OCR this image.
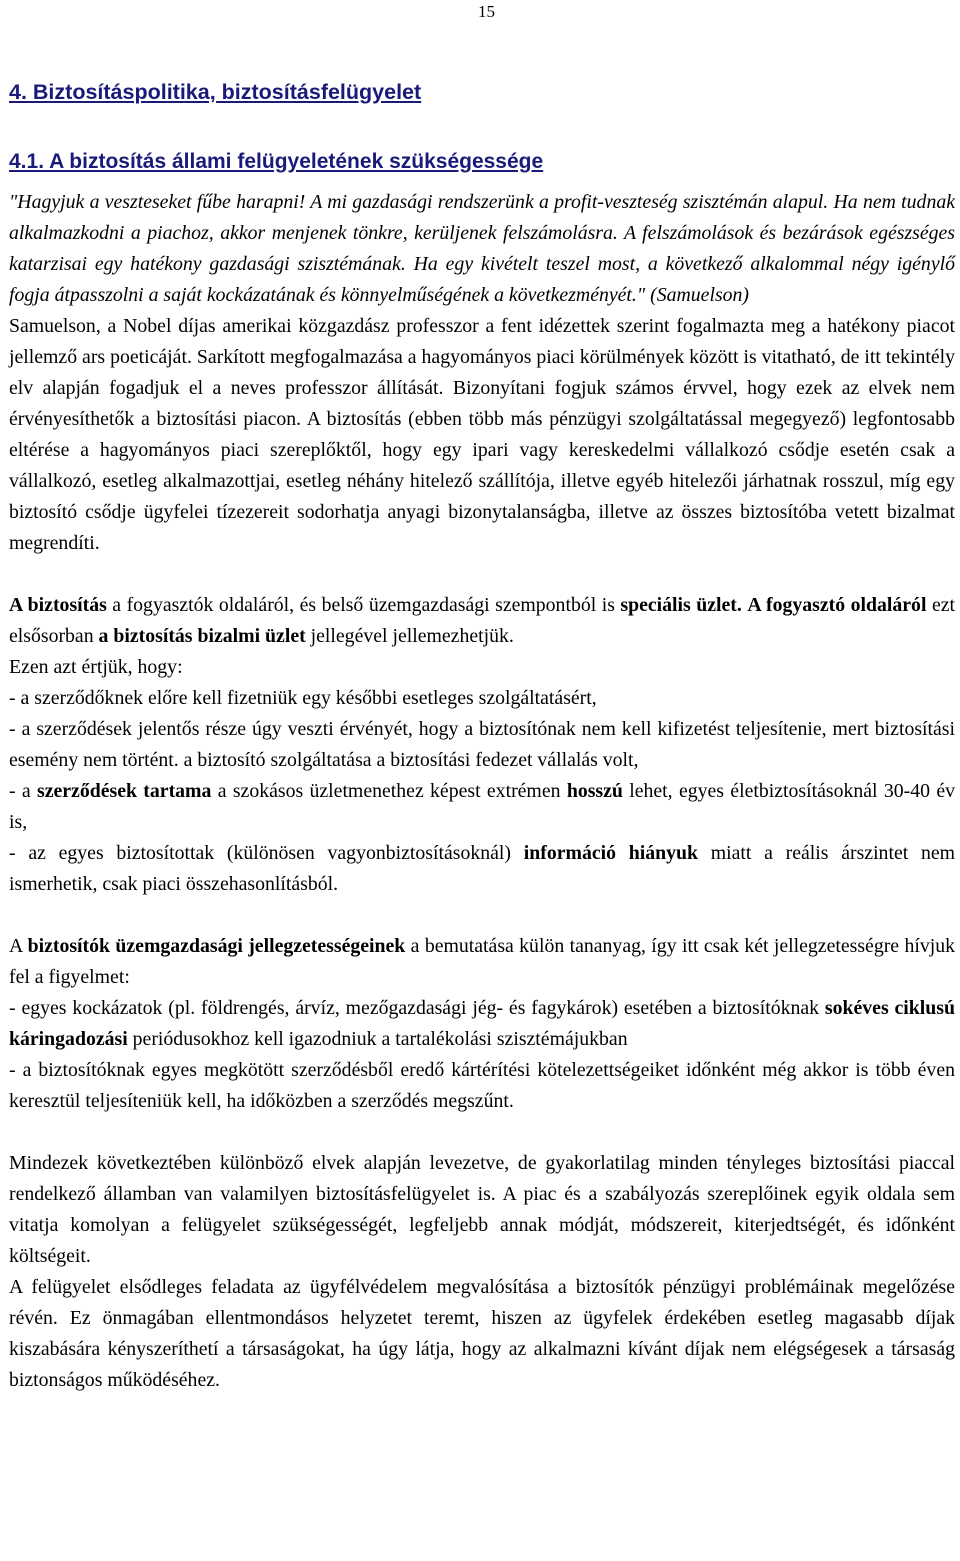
15
4. Biztosításpolitika, biztosításfelügyelet
4.1. A biztosítás állami felügyeletének szükségessége

"Hagyjuk a veszteseket fűbe harapni! A mi gazdasági rendszerünk a profit-veszteség szisztémán alapul. Ha nem tudnak alkalmazkodni a piachoz, akkor menjenek tönkre, kerüljenek felszámolásra. A felszámolások és bezárások egészséges katarzisai egy hatékony gazdasági szisztémának. Ha egy kivételt teszel most, a következő alkalommal négy igénylő fogja átpasszolni a saját kockázatának és könnyelműségének a következményét." (Samuelson)

Samuelson, a Nobel díjas amerikai közgazdász professzor a fent idézettek szerint fogalmazta meg a hatékony piacot jellemző ars poeticáját. Sarkított megfogalmazása a hagyományos piaci körülmények között is vitatható, de itt tekintély elv alapján fogadjuk el a neves professzor állítását. Bizonyítani fogjuk számos érvvel, hogy ezek az elvek nem érvényesíthetők a biztosítási piacon. A biztosítás (ebben több más pénzügyi szolgáltatással megegyező) legfontosabb eltérése a hagyományos piaci szereplőktől, hogy egy ipari vagy kereskedelmi vállalkozó csődje esetén csak a vállalkozó, esetleg alkalmazottjai, esetleg néhány hitelező szállítója, illetve egyéb hitelezői járhatnak rosszul, míg egy biztosító csődje ügyfelei tízezereit sodorhatja anyagi bizonytalanságba, illetve az összes biztosítóba vetett bizalmat megrendíti.

A biztosítás a fogyasztók oldaláról, és belső üzemgazdasági szempontból is speciális üzlet. A fogyasztó oldaláról ezt elsősorban a biztosítás bizalmi üzlet jellegével jellemezhetjük.

Ezen azt értjük, hogy:

- a szerződőknek előre kell fizetniük egy későbbi esetleges szolgáltatásért,

- a szerződések jelentős része úgy veszti érvényét, hogy a biztosítónak nem kell kifizetést teljesítenie, mert biztosítási esemény nem történt. a biztosító szolgáltatása a biztosítási fedezet vállalás volt,

- a szerződések tartama a szokásos üzletmenethez képest extrémen hosszú lehet, egyes életbiztosításoknál 30-40 év is,

- az egyes biztosítottak (különösen vagyonbiztosításoknál) információ hiányuk miatt a reális árszintet nem ismerhetik, csak piaci összehasonlításból.

A biztosítók üzemgazdasági jellegzetességeinek a bemutatása külön tananyag, így itt csak két jellegzetességre hívjuk fel a figyelmet:

- egyes kockázatok (pl. földrengés, árvíz, mezőgazdasági jég- és fagykárok) esetében a biztosítóknak sokéves ciklusú káringadozási periódusokhoz kell igazodniuk a tartalékolási szisztémájukban

- a biztosítóknak egyes megkötött szerződésből eredő kártérítési kötelezettségeiket időnként még akkor is több éven keresztül teljesíteniük kell, ha időközben a szerződés megszűnt.

Mindezek következtében különböző elvek alapján levezetve, de gyakorlatilag minden tényleges biztosítási piaccal rendelkező államban van valamilyen biztosításfelügyelet is. A piac és a szabályozás szereplőinek egyik oldala sem vitatja komolyan a felügyelet szükségességét, legfeljebb annak módját, módszereit, kiterjedtségét, és időnként költségeit.

A felügyelet elsődleges feladata az ügyfélvédelem megvalósítása a biztosítók pénzügyi problémáinak megelőzése révén. Ez önmagában ellentmondásos helyzetet teremt, hiszen az ügyfelek érdekében esetleg magasabb díjak kiszabására kényszeríthetí a társaságokat, ha úgy látja, hogy az alkalmazni kívánt díjak nem elégségesek a társaság biztonságos működéséhez.
